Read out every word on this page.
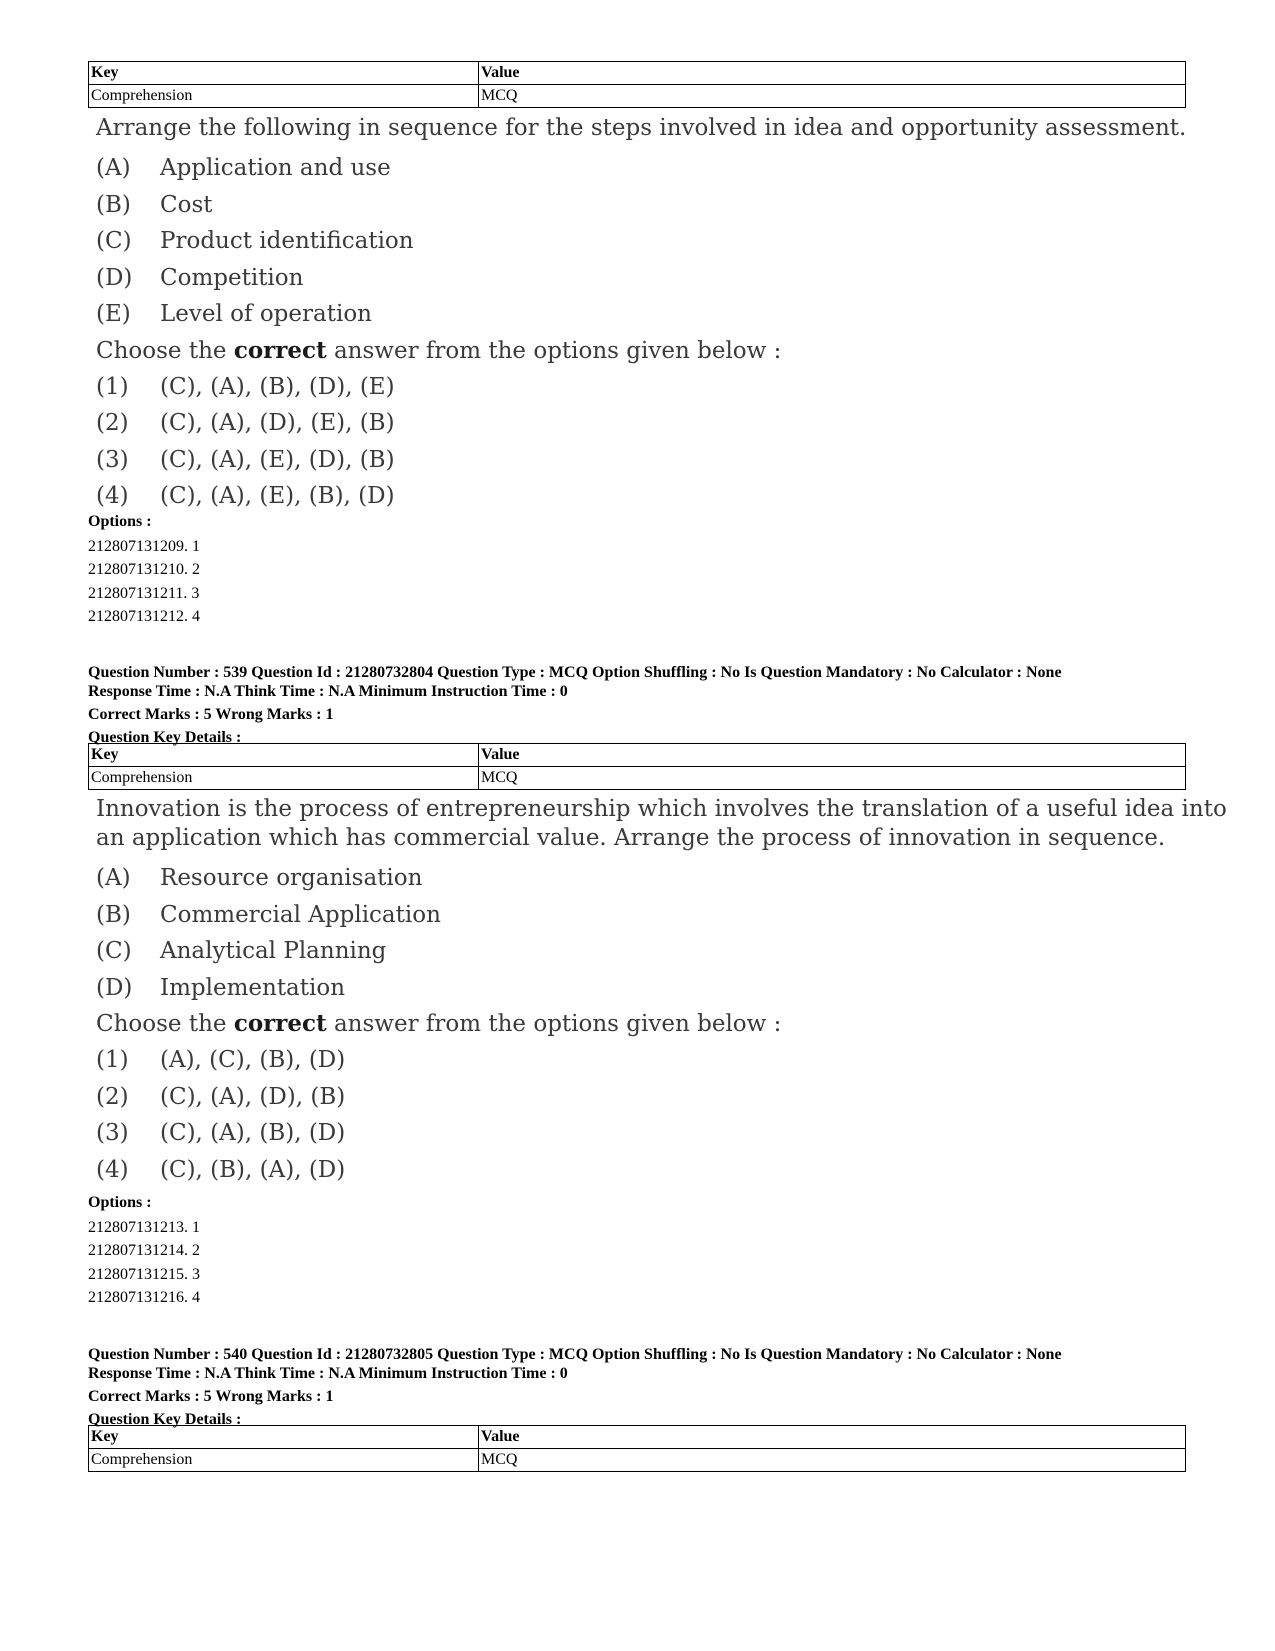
Key	Value
Comprehension	MCQ
Arrange the following in sequence for the steps involved in idea and opportunity assessment.
(A)	Application and use
(B)	Cost
(C)	Product identification
(D)	Competition
(E)	Level of operation
Choose the correct answer from the options given below :
(1)	(C), (A), (B), (D), (E)
(2)	(C), (A), (D), (E), (B)
(3)	(C), (A), (E), (D), (B)
(4)	(C), (A), (E), (B), (D)
Options :
212807131209. 1
212807131210. 2
212807131211. 3
212807131212. 4
Question Number : 539 Question Id : 21280732804 Question Type : MCQ Option Shuffling : No Is Question Mandatory : No Calculator : None
Response Time : N.A Think Time : N.A Minimum Instruction Time : 0
Correct Marks : 5 Wrong Marks : 1
Question Key Details :
Key	Value
Comprehension	MCQ
Innovation is the process of entrepreneurship which involves the translation of a useful idea into
an application which has commercial value. Arrange the process of innovation in sequence.
(A)	Resource organisation
(B)	Commercial Application
(C)	Analytical Planning
(D)	Implementation
Choose the correct answer from the options given below :
(1)	(A), (C), (B), (D)
(2)	(C), (A), (D), (B)
(3)	(C), (A), (B), (D)
(4)	(C), (B), (A), (D)
Options :
212807131213. 1
212807131214. 2
212807131215. 3
212807131216. 4
Question Number : 540 Question Id : 21280732805 Question Type : MCQ Option Shuffling : No Is Question Mandatory : No Calculator : None
Response Time : N.A Think Time : N.A Minimum Instruction Time : 0
Correct Marks : 5 Wrong Marks : 1
Question Key Details :
Key	Value
Comprehension	MCQ
